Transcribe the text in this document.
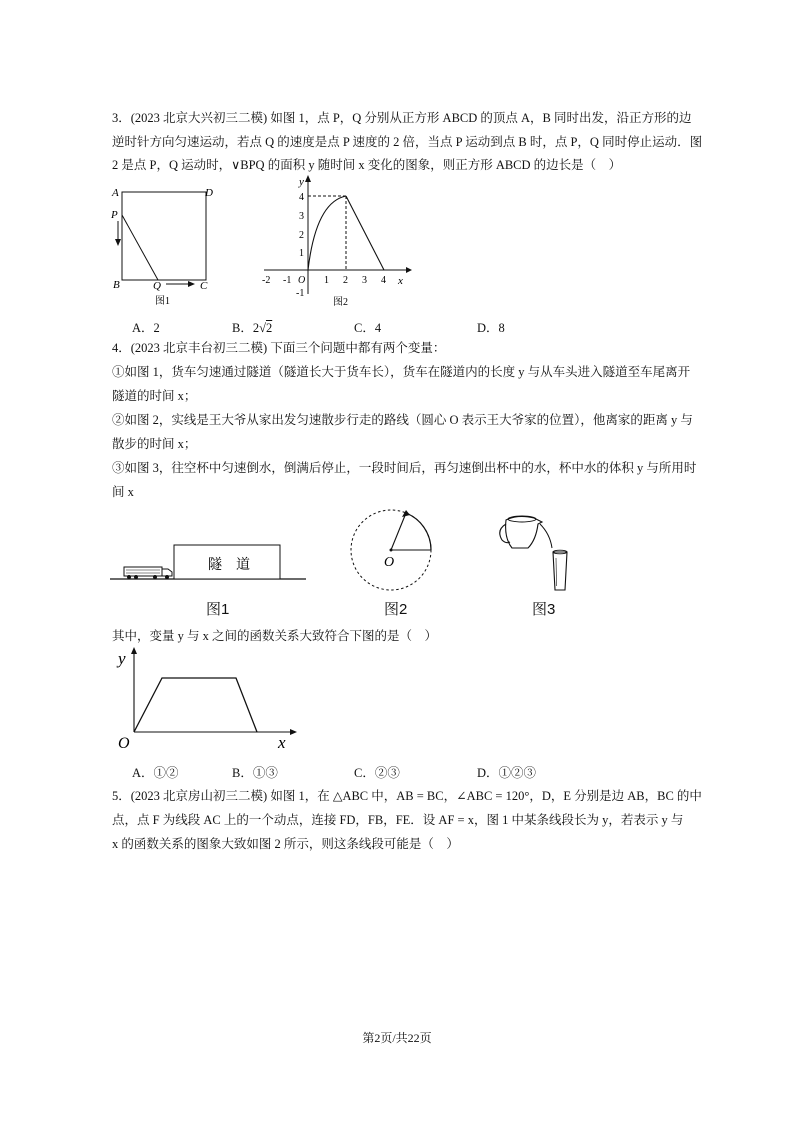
3．(2023 北京大兴初三二模) 如图 1，点 P，Q 分别从正方形 ABCD 的顶点 A，B 同时出发，沿正方形的边
逆时针方向匀速运动，若点 Q 的速度是点 P 速度的 2 倍，当点 P 运动到点 B 时，点 P，Q 同时停止运动．图
2 是点 P，Q 运动时，∨BPQ 的面积 y 随时间 x 变化的图象，则正方形 ABCD 的边长是（　）
A	D
P
B	Q	C
图1
y
x
O
-2 -1	1 2 3 4
1
2
3
4
-1
图2
A．2	B．2√2	C．4	D．8
4．(2023 北京丰台初三二模) 下面三个问题中都有两个变量：
①如图 1，货车匀速通过隧道（隧道长大于货车长），货车在隧道内的长度 y 与从车头进入隧道至车尾离开
隧道的时间 x；
②如图 2，实线是王大爷从家出发匀速散步行走的路线（圆心 O 表示王大爷家的位置），他离家的距离 y 与
散步的时间 x；
③如图 3，往空杯中匀速倒水，倒满后停止，一段时间后，再匀速倒出杯中的水，杯中水的体积 y 与所用时
间 x
隧　道
图1
O
图2	图3
其中，变量 y 与 x 之间的函数关系大致符合下图的是（　）
y
x
O
A．①②	B．①③	C．②③	D．①②③
5．(2023 北京房山初三二模) 如图 1，在 △ABC 中，AB = BC，∠ABC = 120°，D，E 分别是边 AB，BC 的中
点，点 F 为线段 AC 上的一个动点，连接 FD，FB，FE．设 AF = x，图 1 中某条线段长为 y，若表示 y 与
x 的函数关系的图象大致如图 2 所示，则这条线段可能是（　）
第2页/共22页
